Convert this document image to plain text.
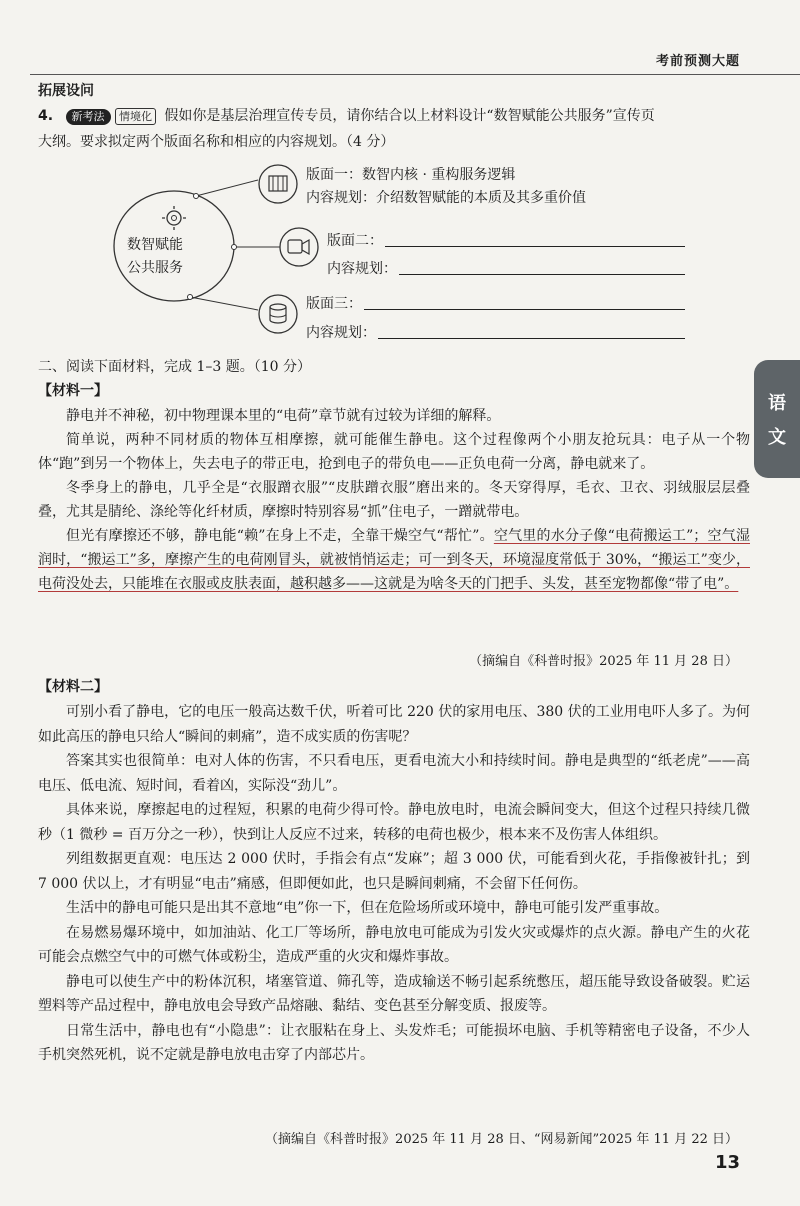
考前预测大题
拓展设问
4. 新考法 情境化 假如你是基层治理宣传专员，请你结合以上材料设计“数智赋能公共服务”宣传页
大纲。要求拟定两个版面名称和相应的内容规划。（4 分）
数智赋能
公共服务
版面一：数智内核 · 重构服务逻辑
内容规划：介绍数智赋能的本质及其多重价值
版面二：
内容规划：
版面三：
内容规划：
二、阅读下面材料，完成 1–3 题。（10 分）
【材料一】

静电并不神秘，初中物理课本里的“电荷”章节就有过较为详细的解释。

简单说，两种不同材质的物体互相摩擦，就可能催生静电。这个过程像两个小朋友抢玩具：电子从一个物体“跑”到另一个物体上，失去电子的带正电，抢到电子的带负电——正负电荷一分离，静电就来了。

冬季身上的静电，几乎全是“衣服蹭衣服”“皮肤蹭衣服”磨出来的。冬天穿得厚，毛衣、卫衣、羽绒服层层叠叠，尤其是腈纶、涤纶等化纤材质，摩擦时特别容易“抓”住电子，一蹭就带电。

但光有摩擦还不够，静电能“赖”在身上不走，全靠干燥空气“帮忙”。空气里的水分子像“电荷搬运工”；空气湿润时，“搬运工”多，摩擦产生的电荷刚冒头，就被悄悄运走；可一到冬天，环境湿度常低于 30%，“搬运工”变少，电荷没处去，只能堆在衣服或皮肤表面，越积越多——这就是为啥冬天的门把手、头发，甚至宠物都像“带了电”。

（摘编自《科普时报》2025 年 11 月 28 日）
【材料二】

可别小看了静电，它的电压一般高达数千伏，听着可比 220 伏的家用电压、380 伏的工业用电吓人多了。为何如此高压的静电只给人“瞬间的刺痛”，造不成实质的伤害呢？

答案其实也很简单：电对人体的伤害，不只看电压，更看电流大小和持续时间。静电是典型的“纸老虎”——高电压、低电流、短时间，看着凶，实际没“劲儿”。

具体来说，摩擦起电的过程短，积累的电荷少得可怜。静电放电时，电流会瞬间变大，但这个过程只持续几微秒（1 微秒 = 百万分之一秒），快到让人反应不过来，转移的电荷也极少，根本来不及伤害人体组织。

列组数据更直观：电压达 2 000 伏时，手指会有点“发麻”；超 3 000 伏，可能看到火花，手指像被针扎；到 7 000 伏以上，才有明显“电击”痛感，但即便如此，也只是瞬间刺痛，不会留下任何伤。

生活中的静电可能只是出其不意地“电”你一下，但在危险场所或环境中，静电可能引发严重事故。

在易燃易爆环境中，如加油站、化工厂等场所，静电放电可能成为引发火灾或爆炸的点火源。静电产生的火花可能会点燃空气中的可燃气体或粉尘，造成严重的火灾和爆炸事故。

静电可以使生产中的粉体沉积，堵塞管道、筛孔等，造成输送不畅引起系统憋压，超压能导致设备破裂。贮运塑料等产品过程中，静电放电会导致产品熔融、黏结、变色甚至分解变质、报废等。

日常生活中，静电也有“小隐患”：让衣服粘在身上、头发炸毛；可能损坏电脑、手机等精密电子设备，不少人手机突然死机，说不定就是静电放电击穿了内部芯片。

（摘编自《科普时报》2025 年 11 月 28 日、“网易新闻”2025 年 11 月 22 日）
语
文
13
